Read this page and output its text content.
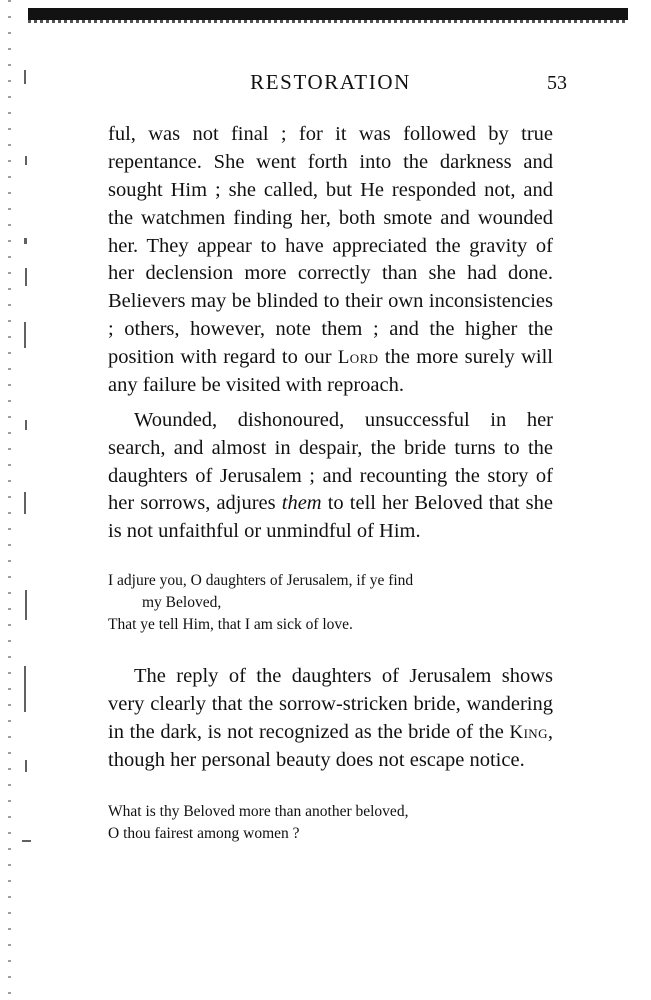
RESTORATION	53

ful, was not final ; for it was followed by true repentance. She went forth into the darkness and sought Him ; she called, but He responded not, and the watchmen finding her, both smote and wounded her. They appear to have appreciated the gravity of her declension more correctly than she had done. Believers may be blinded to their own inconsistencies ; others, however, note them ; and the higher the position with regard to our Lord the more surely will any failure be visited with reproach.

Wounded, dishonoured, unsuccessful in her search, and almost in despair, the bride turns to the daughters of Jerusalem ; and recounting the story of her sorrows, adjures them to tell her Beloved that she is not unfaithful or unmindful of Him.

I adjure you, O daughters of Jerusalem, if ye find
my Beloved,
That ye tell Him, that I am sick of love.

The reply of the daughters of Jerusalem shows very clearly that the sorrow-stricken bride, wandering in the dark, is not recognized as the bride of the King, though her personal beauty does not escape notice.

What is thy Beloved more than another beloved,
O thou fairest among women ?
